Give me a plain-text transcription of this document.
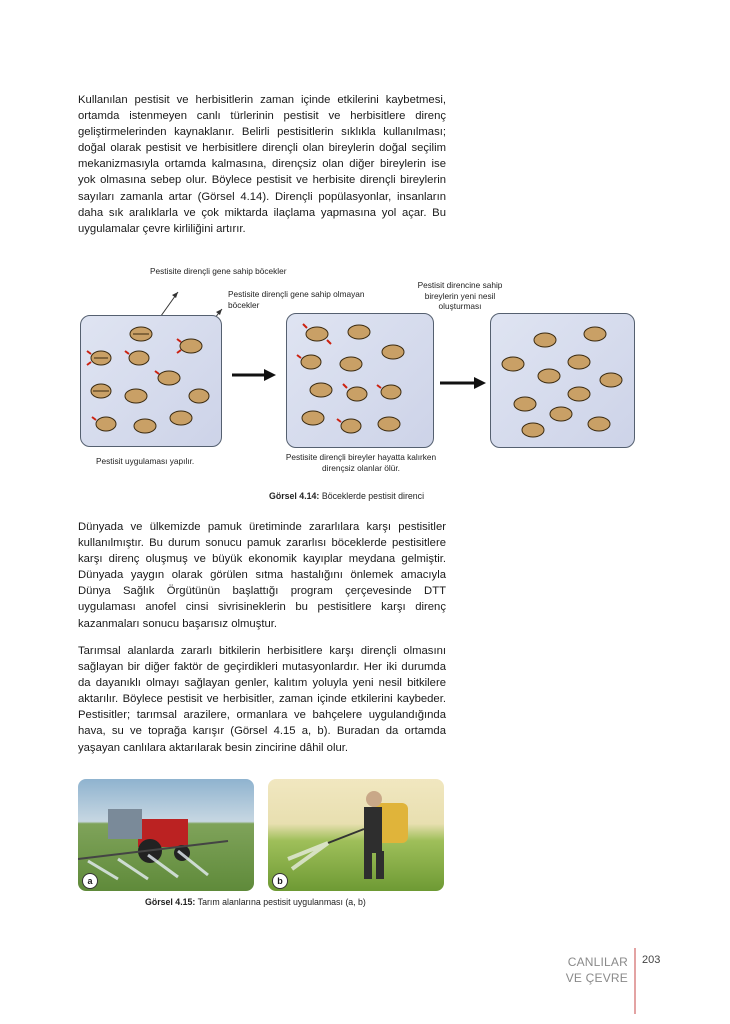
Kullanılan pestisit ve herbisitlerin zaman içinde etkilerini kaybetmesi, ortamda istenmeyen canlı türlerinin pestisit ve herbisitlere direnç geliştirmelerinden kaynaklanır. Belirli pestisitlerin sıklıkla kullanılması; doğal olarak pestisit ve herbisitlere dirençli olan bireylerin doğal seçilim mekanizmasıyla ortamda kalmasına, dirençsiz olan diğer bireylerin ise yok olmasına sebep olur. Böylece pestisit ve herbisite dirençli bireylerin sayıları zamanla artar (Görsel 4.14). Dirençli popülasyonlar, insanların daha sık aralıklarla ve çok miktarda ilaçlama yapmasına yol açar. Bu uygulamalar çevre kirliliğini artırır.

Pestisite dirençli gene sahip böcekler
Pestisite dirençli gene sahip olmayan böcekler
Pestisit direncine sahip bireylerin yeni nesil oluşturması
Pestisit uygulaması yapılır.	Pestisite dirençli bireyler hayatta kalırken dirençsiz olanlar ölür.
Görsel 4.14: Böceklerde pestisit direnci

Dünyada ve ülkemizde pamuk üretiminde zararlılara karşı pestisitler kullanılmıştır. Bu durum sonucu pamuk zararlısı böceklerde pestisitlere karşı direnç oluşmuş ve büyük ekonomik kayıplar meydana gelmiştir. Dünyada yaygın olarak görülen sıtma hastalığını önlemek amacıyla Dünya Sağlık Örgütünün başlattığı program çerçevesinde DTT uygulaması anofel cinsi sivrisineklerin bu pestisitlere karşı direnç kazanmaları sonucu başarısız olmuştur.

Tarımsal alanlarda zararlı bitkilerin herbisitlere karşı dirençli olmasını sağlayan bir diğer faktör de geçirdikleri mutasyonlardır. Her iki durumda da dayanıklı olmayı sağlayan genler, kalıtım yoluyla yeni nesil bitkilere aktarılır. Böylece pestisit ve herbisitler, zaman içinde etkilerini kaybeder. Pestisitler; tarımsal arazilere, ormanlara ve bahçelere uygulandığında hava, su ve toprağa karışır (Görsel 4.15 a, b). Buradan da ortamda yaşayan canlılara aktarılarak besin zincirine dâhil olur.

a	b
Görsel 4.15: Tarım alanlarına pestisit uygulanması (a, b)
CANLILAR
VE ÇEVRE
203
